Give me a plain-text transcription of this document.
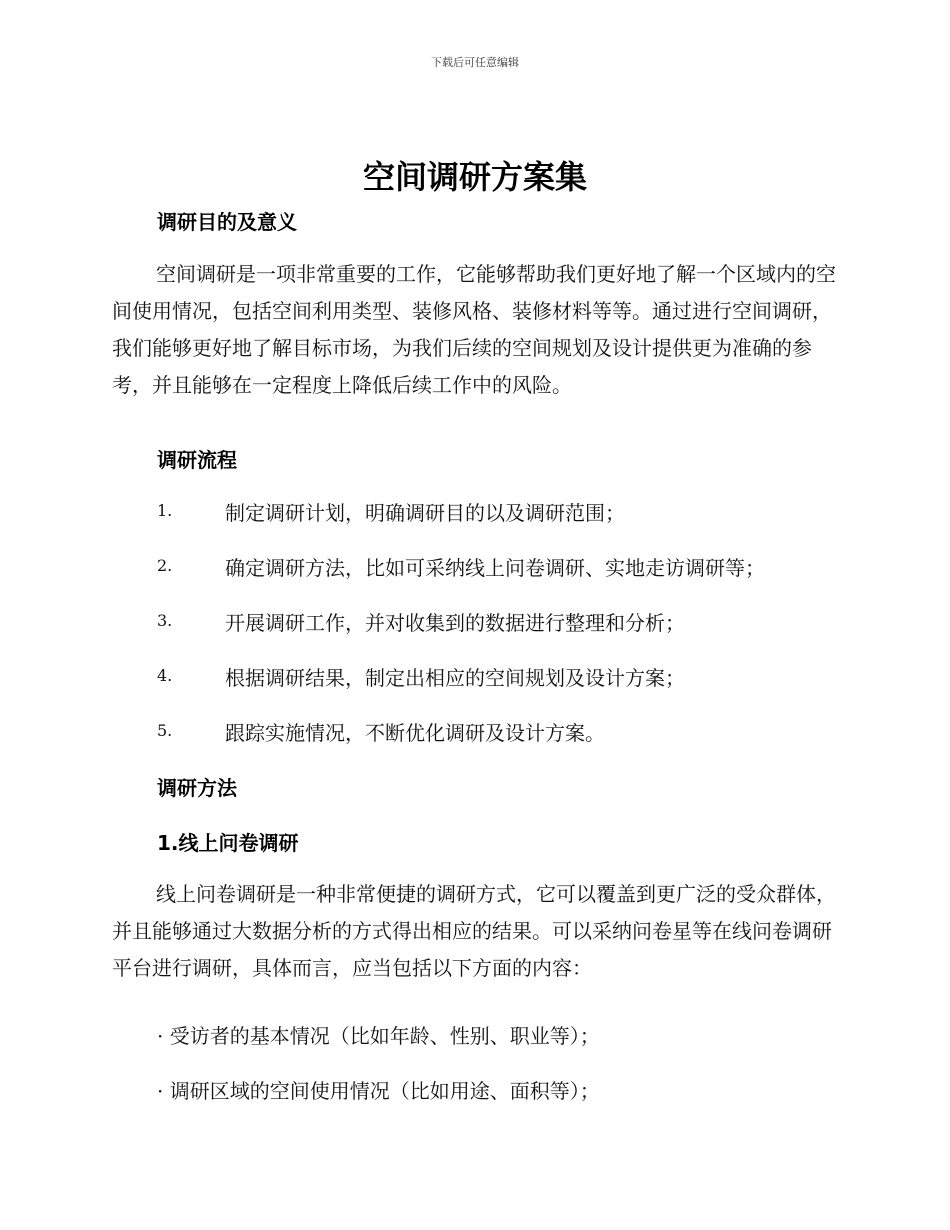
下载后可任意编辑
空间调研方案集
调研目的及意义
空间调研是一项非常重要的工作，它能够帮助我们更好地了解一个区域内的空间使用情况，包括空间利用类型、装修风格、装修材料等等。通过进行空间调研，我们能够更好地了解目标市场，为我们后续的空间规划及设计提供更为准确的参考，并且能够在一定程度上降低后续工作中的风险。
调研流程
1.	制定调研计划，明确调研目的以及调研范围；
2.	确定调研方法，比如可采纳线上问卷调研、实地走访调研等；
3.	开展调研工作，并对收集到的数据进行整理和分析；
4.	根据调研结果，制定出相应的空间规划及设计方案；
5.	跟踪实施情况，不断优化调研及设计方案。
调研方法
1.线上问卷调研
线上问卷调研是一种非常便捷的调研方式，它可以覆盖到更广泛的受众群体，并且能够通过大数据分析的方式得出相应的结果。可以采纳问卷星等在线问卷调研平台进行调研，具体而言，应当包括以下方面的内容：
· 受访者的基本情况（比如年龄、性别、职业等）；
· 调研区域的空间使用情况（比如用途、面积等）；
